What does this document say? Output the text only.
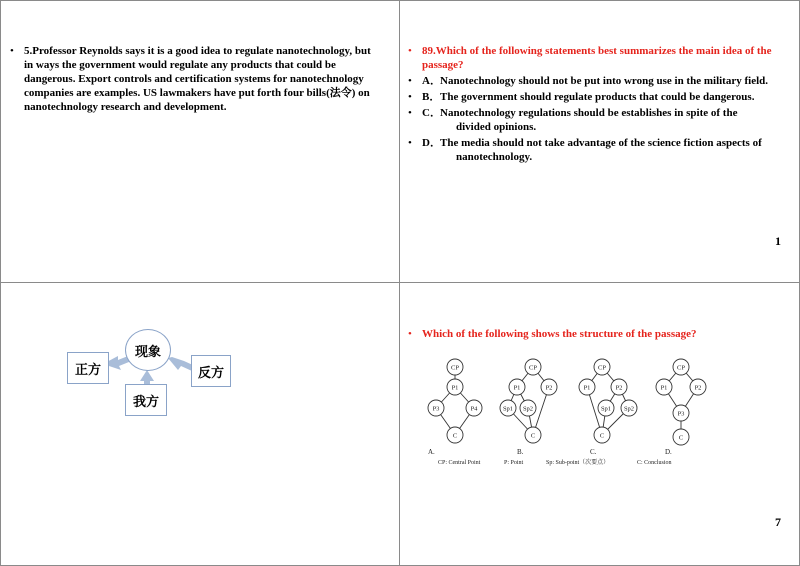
• 5.Professor Reynolds says it is a good idea to regulate nanotechnology, but in ways the government would regulate any products that could be dangerous. Export controls and certification systems for nanotechnology companies are examples. US lawmakers have put forth four bills(法令) on nanotechnology research and development.
• 89.Which of the following statements best summarizes the main idea of the passage?
• A． Nanotechnology should not be put into wrong use in the military field.
• B． The government should regulate products that could be dangerous.
• C． Nanotechnology regulations should be establishes in spite of the
divided opinions.
• D． The media should not take advantage of the science fiction aspects of
nanotechnology.
1
现象
正方	反方
我方
• Which of the following shows the structure of the passage?
CP
P1
P3	P4
C
CP
P1	P2
Sp1 Sp2
C
CP
P1	P2
Sp1 Sp2
C
CP
P1	P2
P3
C
A.	B.	C.	D.
CP: Central Point	P: Point	Sp: Sub-point（次要点）	C: Conclusion
7
